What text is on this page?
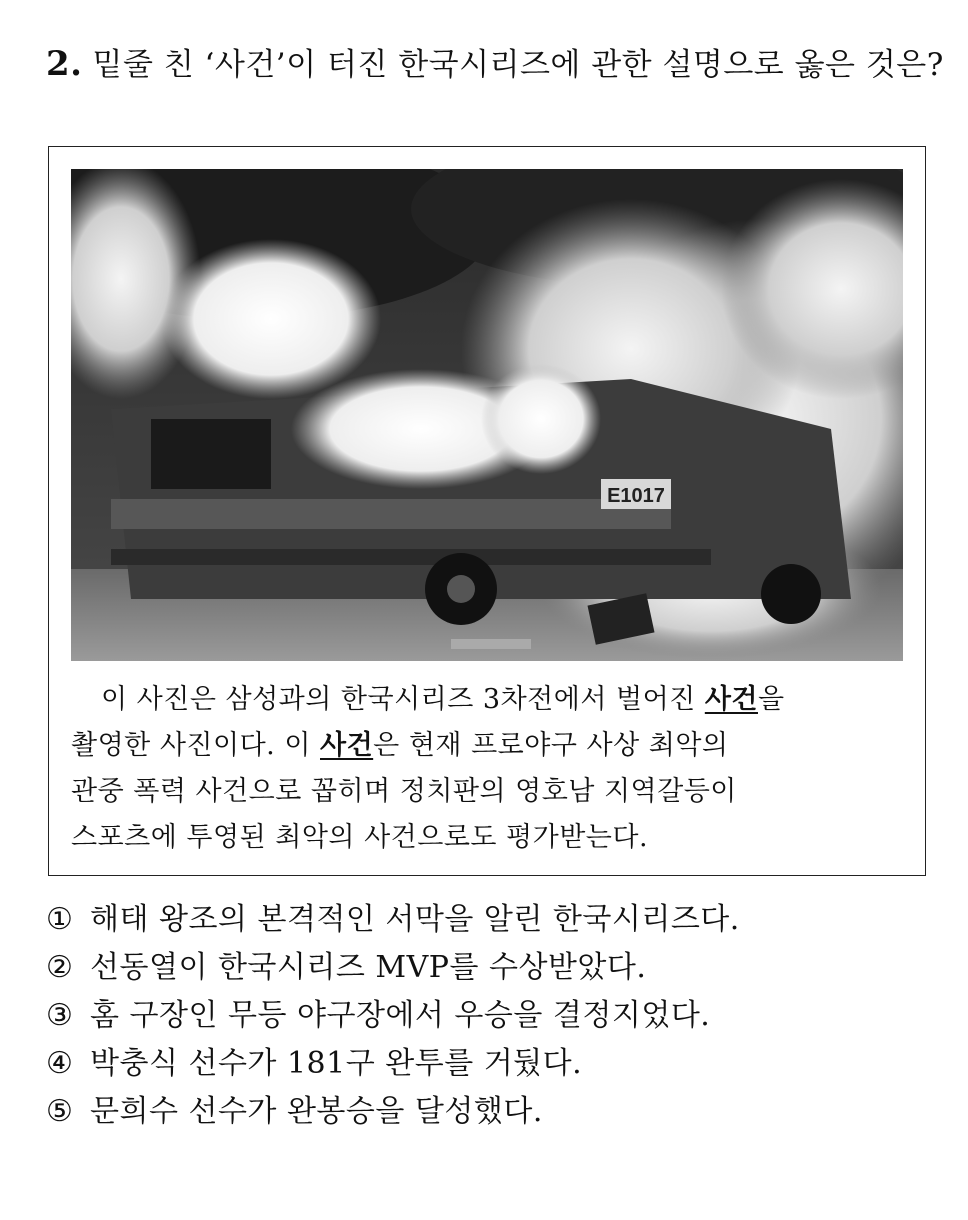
2. 밑줄 친 ‘사건’이 터진 한국시리즈에 관한 설명으로 옳은 것은?
E1017

이 사진은 삼성과의 한국시리즈 3차전에서 벌어진 사건을

촬영한 사진이다. 이 사건은 현재 프로야구 사상 최악의

관중 폭력 사건으로 꼽히며 정치판의 영호남 지역갈등이

스포츠에 투영된 최악의 사건으로도 평가받는다.

① 해태 왕조의 본격적인 서막을 알린 한국시리즈다.
② 선동열이 한국시리즈 MVP를 수상받았다.
③ 홈 구장인 무등 야구장에서 우승을 결정지었다.
④ 박충식 선수가 181구 완투를 거뒀다.
⑤ 문희수 선수가 완봉승을 달성했다.
